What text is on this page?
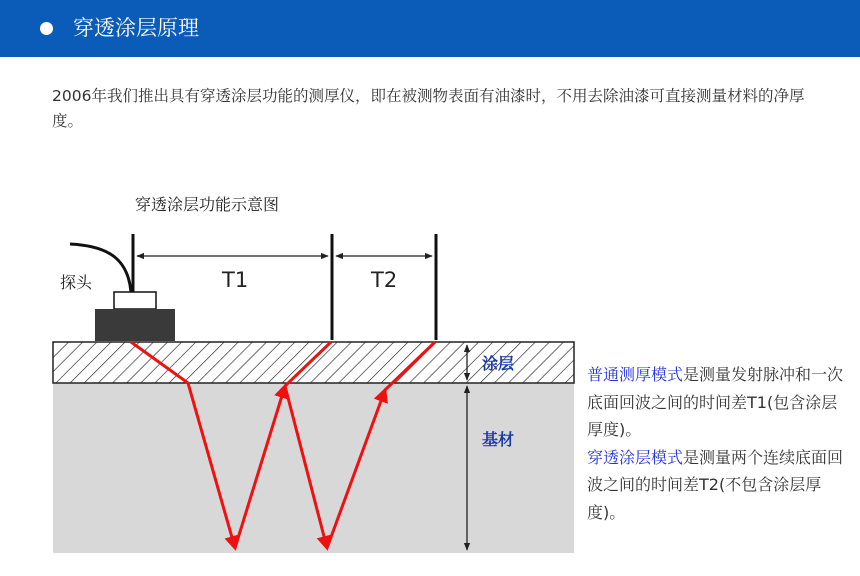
穿透涂层原理
2006年我们推出具有穿透涂层功能的测厚仪，即在被测物表面有油漆时，不用去除油漆可直接测量材料的净厚度。
穿透涂层功能示意图
探头	T1	T2
涂层
基材
普通测厚模式是测量发射脉冲和一次底面回波之间的时间差T1(包含涂层厚度)。
穿透涂层模式是测量两个连续底面回波之间的时间差T2(不包含涂层厚度)。
